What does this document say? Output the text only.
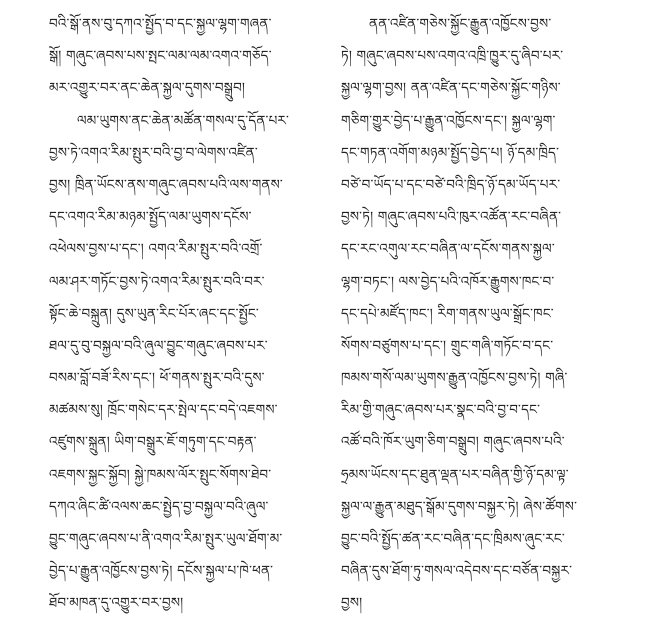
བའི་སྒོ་ནས་བུ་དཀའ་སྤྱོད་བ་དང་སྐྱལ་ལྷག་གཞན་
སྒོ། གཞུང་ཞབས་པས་སྤང་ལམ་ལམ་འགའ་གཅོད་
མར་འགྱུར་བར་ནང་ཆེན་སྐྱལ་དུགས་བསྒྲུབ།
ལམ་ཡུགས་ནང་ཆེན་མཚོན་གསལ་དུ་དོན་པར་
བྱས་ཏེ་འགའ་རིམ་སྤུར་བའི་བྱ་བ་ལེགས་འཛིན་
བྱས། ཁྲིན་ཡོངས་ནས་གཞུང་ཞབས་པའི་ལས་གནས་
དང་འགའ་རིམ་མཉམ་སྤྱོད་ལམ་ཡུགས་དངོས་
འཕེལས་བྱས་པ་དང་། འགའ་རིམ་སྤུར་བའི་འགྲོ་
ལམ་ཤར་གཏོང་བྱས་ཏེ་འགའ་རིམ་སྤུར་བའི་བར་
སྟོང་ཆེ་བསྐྲུན། དུས་ཡུན་རིང་པོར་ཞང་དང་སྤྱོང་
ཐལ་དུ་བུ་བསྐྱལ་བའི་ཞུལ་བྱུང་གཞུང་ཞབས་པར་
བསམ་བློ་བཟོ་རིས་དང་། ཕོ་གནས་སྤུར་བའི་དུས་
མཚམས་སུ། ཁྲོང་གསེང་དར་སྤེལ་དང་བདེ་འཇགས་
འཛུགས་སྐྲུན། ཡིག་བསྒྲུར་ཇོ་གཏུག་དང་བརྟན་
འཇགས་སྐྱང་སྐྱོབ། སྐྱེ་ཁམས་ལོར་སྤུང་སོགས་ཐེབ་
དཀའ་ཞིང་ཚི་འལས་ཆང་སྤྱེད་བྱ་བསྐྱལ་བའི་ཞུལ་
བྱུང་གཞུང་ཞབས་པ་ནི་འགའ་རིམ་སྤུར་ཡུལ་ཐོག་མ་
བྱེད་པ་རྒྱུན་འཁྱོངས་བྱས་ཏེ། དངོས་སྐྱལ་པ་ཁེ་ཕན་
ཐོབ་མཁན་དུ་འགྱུར་བར་བྱས།
ནན་འཛིན་གཅེས་སྐྱོང་རྒྱུན་འཁྱོངས་བྱས་
ཏེ། གཞུང་ཞབས་པས་འགའ་འཁྲི་ཁྱུར་དུ་ཞིབ་པར་
སྐྱལ་ལྷག་བྱས། ནན་འཛིན་དང་གཅེས་སྐྱོང་གཉིས་
གཅིག་གྱུར་བྱེད་པ་རྒྱུན་འཁྱོངས་དང་། སྐྱལ་ལྷག་
དང་གཏན་འགོག་མཉམ་སྤྱོད་བྱེད་པ། ཉོ་དམ་ཁྲིད་
བཙེ་བ་ཡོད་པ་དང་བཙེ་བའི་ཁྲིད་ཉོ་དམ་ཡོད་པར་
བྱས་ཏེ། གཞུང་ཞབས་པའི་ཁུར་འཚོན་རང་བཞིན་
དང་རང་འགུལ་རང་བཞིན་ལ་དངོས་གནས་སྐྱལ་
ལྷག་བཏང་། ལས་བྱེད་པའི་འཁོར་རྒྱུགས་ཁང་བ་
དང་དཔེ་མཛོད་ཁང་། རིག་གནས་ཡུལ་སྒྲོང་ཁང་
སོགས་བཙུགས་པ་དང་། གྲུང་གཞི་གཏོང་བ་དང་
ཁམས་གསོ་ལམ་ཡུགས་རྒྱུན་འཁྱོངས་བྱས་ཏེ། གཞི་
རིམ་གྱི་གཞུང་ཞབས་པར་སྣང་བའི་བྱ་བ་དང་
འཚོ་བའི་ཁོར་ཡུག་ཅིག་བསྒྲུབ། གཞུང་ཞབས་པའི་
ཧྲམས་ཡོངས་དང་ཐུན་ལྡན་པར་བཞིན་གྱི་ཉོ་དམ་ལྟ་
སྐྱལ་ལ་རྒྱུན་མཐུད་སྒོམ་དུགས་བསྐྱར་ཏེ། ཞེས་ཚོགས་
བྱུང་བའི་སྤྱོད་ཚན་རང་བཞིན་དང་ཁྲིམས་ཞུང་རང་
བཞིན་དུས་ཐོག་ཏུ་གསལ་འདེབས་དང་བཙོན་བསྐྱར་
བྱས།
